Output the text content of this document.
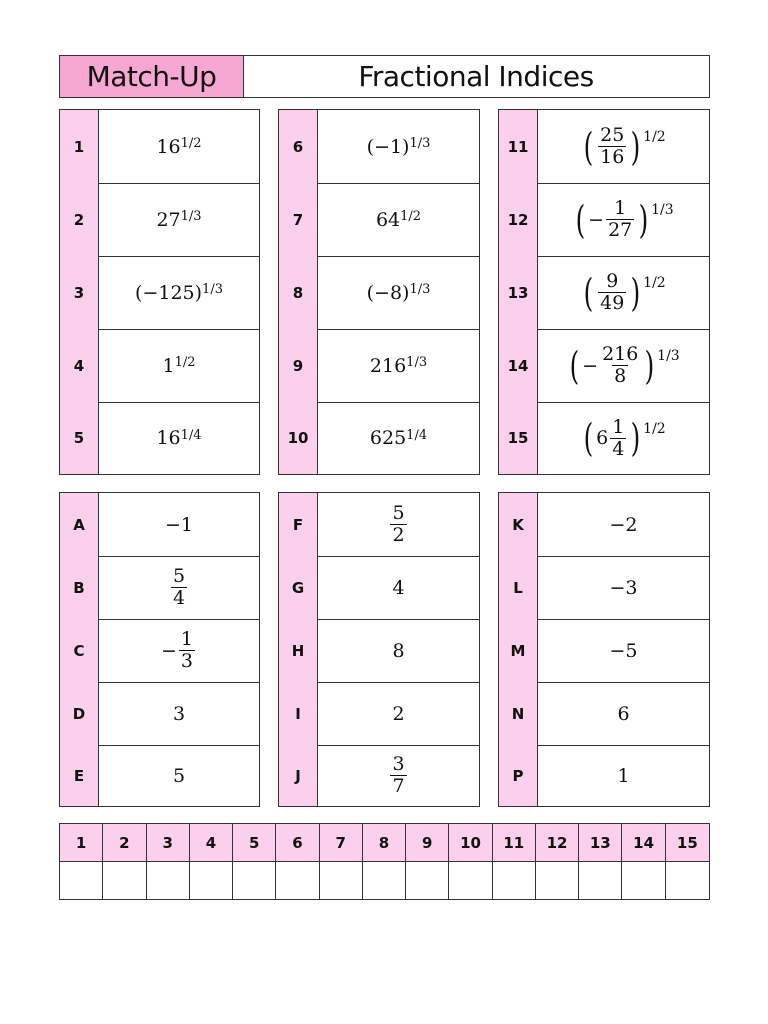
Match-Up	Fractional Indices
1	$16^{1/2}$
2	$27^{1/3}$
3	$(-125)^{1/3}$
4	$1^{1/2}$
5	$16^{1/4}$
6	$(-1)^{1/3}$
7	$64^{1/2}$
8	$(-8)^{1/3}$
9	$216^{1/3}$
10	$625^{1/4}$
11 ( $\frac{25}{16} )^{1/2}$
12 ( − $\frac{1}{27} )^{1/3}$
13 ( $\frac{9}{49} )^{1/2}$
14 ( − $\frac{216}{8} )^{1/3}$
15 ( $6 \frac{1}{4} )^{1/2}$
A	−1
B	$\frac{5}{4}$
C	− $\frac{1}{3}$
D	3
E	5
F	$\frac{5}{2}$
G	4
H	8
I	2
J	$\frac{3}{7}$
K	−2
L	−3
M	−5
N	6
P	1
1	2	3	4	5	6	7	8	9	10	11	12	13	14	15
